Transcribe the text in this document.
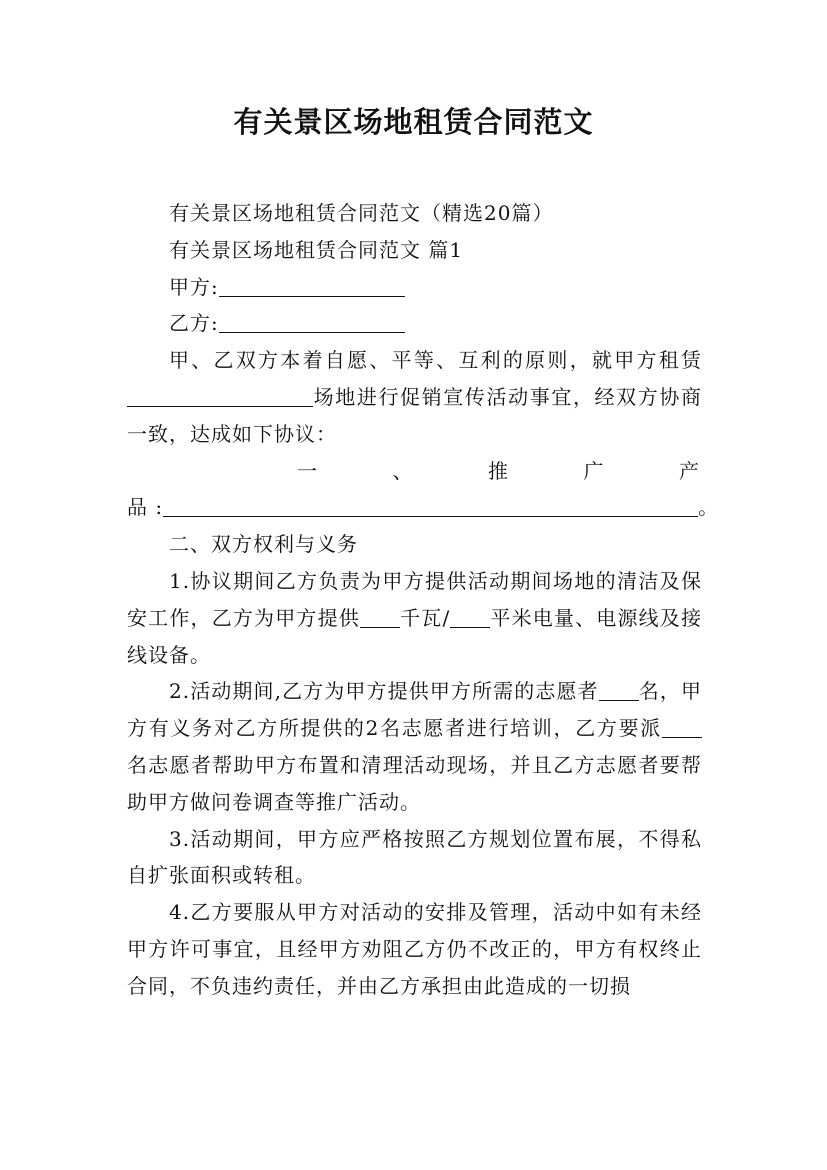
有关景区场地租赁合同范文

有关景区场地租赁合同范文（精选20篇）

有关景区场地租赁合同范文 篇1

甲方:

乙方:

甲、乙双方本着自愿、平等、互利的原则，就甲方租赁场地进行促销宣传活动事宜，经双方协商一致，达成如下协议：

一	、	推	广	产

品 :	。

二、双方权利与义务

1.协议期间乙方负责为甲方提供活动期间场地的清洁及保安工作，乙方为甲方提供 千瓦/ 平米电量、电源线及接线设备。

2.活动期间,乙方为甲方提供甲方所需的志愿者 名，甲方有义务对乙方所提供的2名志愿者进行培训，乙方要派名志愿者帮助甲方布置和清理活动现场，并且乙方志愿者要帮助甲方做问卷调查等推广活动。

3.活动期间，甲方应严格按照乙方规划位置布展，不得私自扩张面积或转租。

4.乙方要服从甲方对活动的安排及管理，活动中如有未经甲方许可事宜，且经甲方劝阻乙方仍不改正的，甲方有权终止合同，不负违约责任，并由乙方承担由此造成的一切损
